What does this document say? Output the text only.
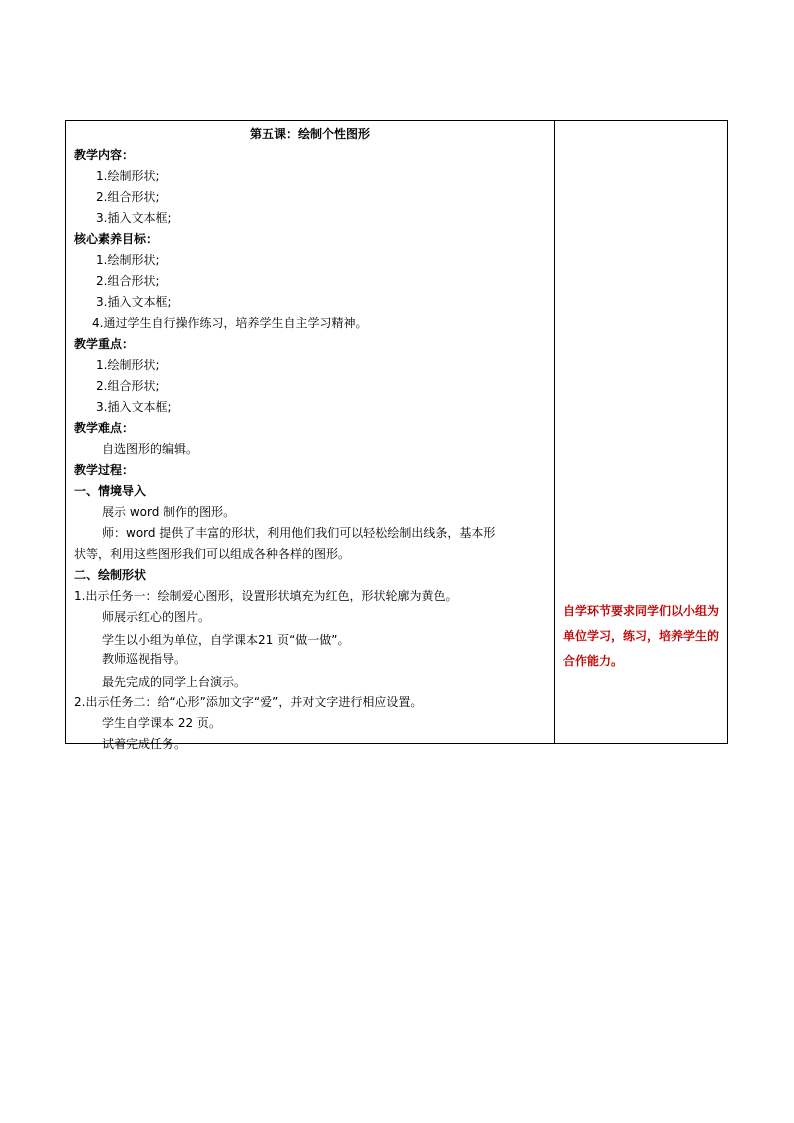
第五课：绘制个性图形
教学内容：
1.绘制形状;
2.组合形状;
3.插入文本框;
核心素养目标：
1.绘制形状;
2.组合形状;
3.插入文本框;
4.通过学生自行操作练习，培养学生自主学习精神。
教学重点：
1.绘制形状;
2.组合形状;
3.插入文本框;
教学难点：
自选图形的编辑。
教学过程：
一、情境导入
展示 word 制作的图形。
师：word 提供了丰富的形状，利用他们我们可以轻松绘制出线条，基本形
状等，利用这些图形我们可以组成各种各样的图形。
二、绘制形状
1.出示任务一：绘制爱心图形，设置形状填充为红色，形状轮廓为黄色。
师展示红心的图片。
学生以小组为单位，自学课本21 页“做一做”。
教师巡视指导。
最先完成的同学上台演示。
2.出示任务二：给“心形”添加文字“爱”，并对文字进行相应设置。
学生自学课本 22 页。
试着完成任务。
自学环节要求同学们以小组为单位学习，练习，培养学生的合作能力。
